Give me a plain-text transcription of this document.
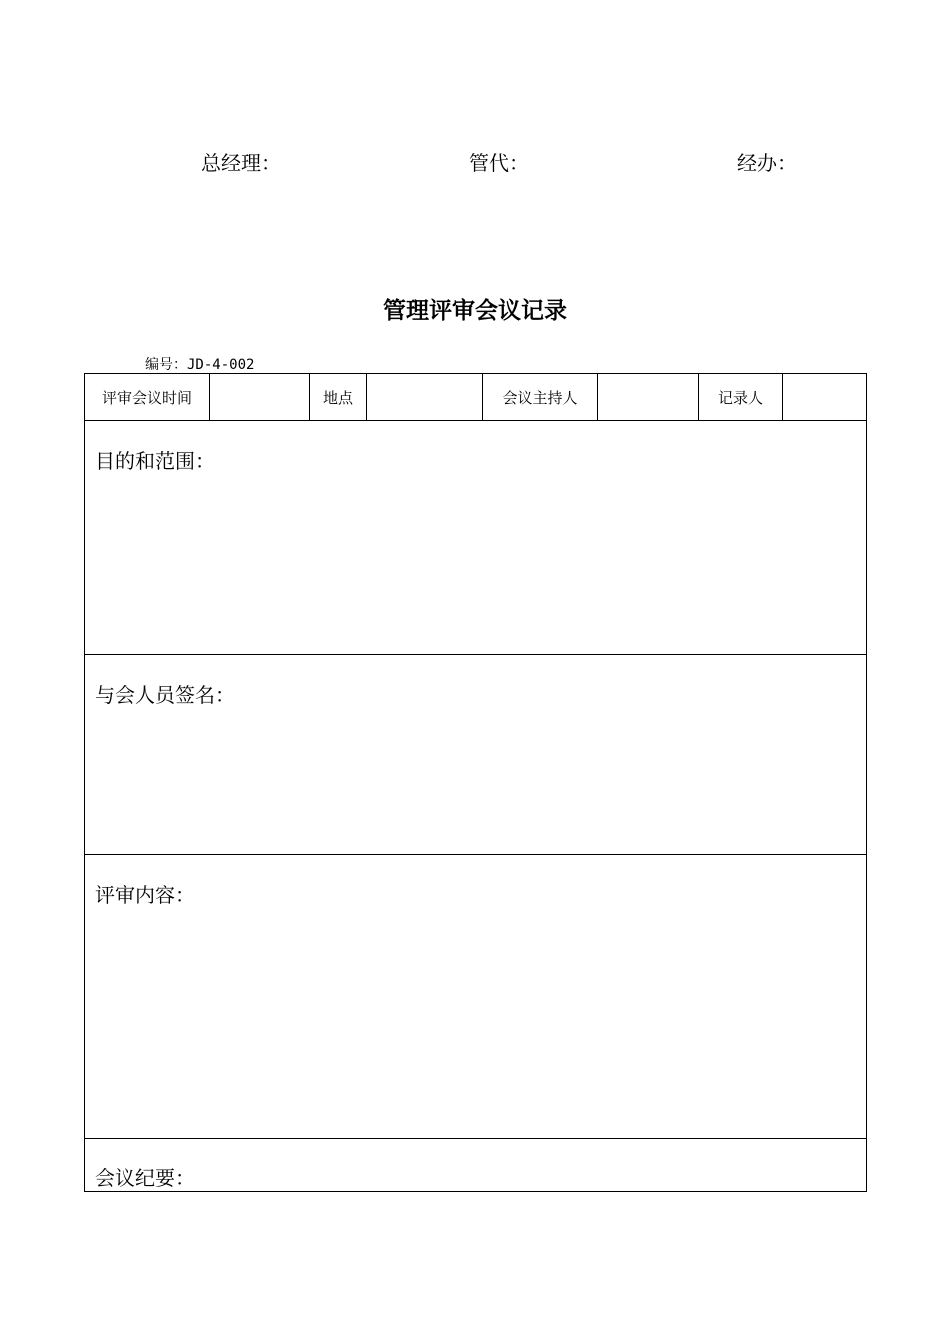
总经理：	管代：	经办：
管理评审会议记录
编号：JD-4-002
评审会议时间		地点		会议主持人		记录人	

目的和范围：

与会人员签名：

评审内容：

会议纪要：
